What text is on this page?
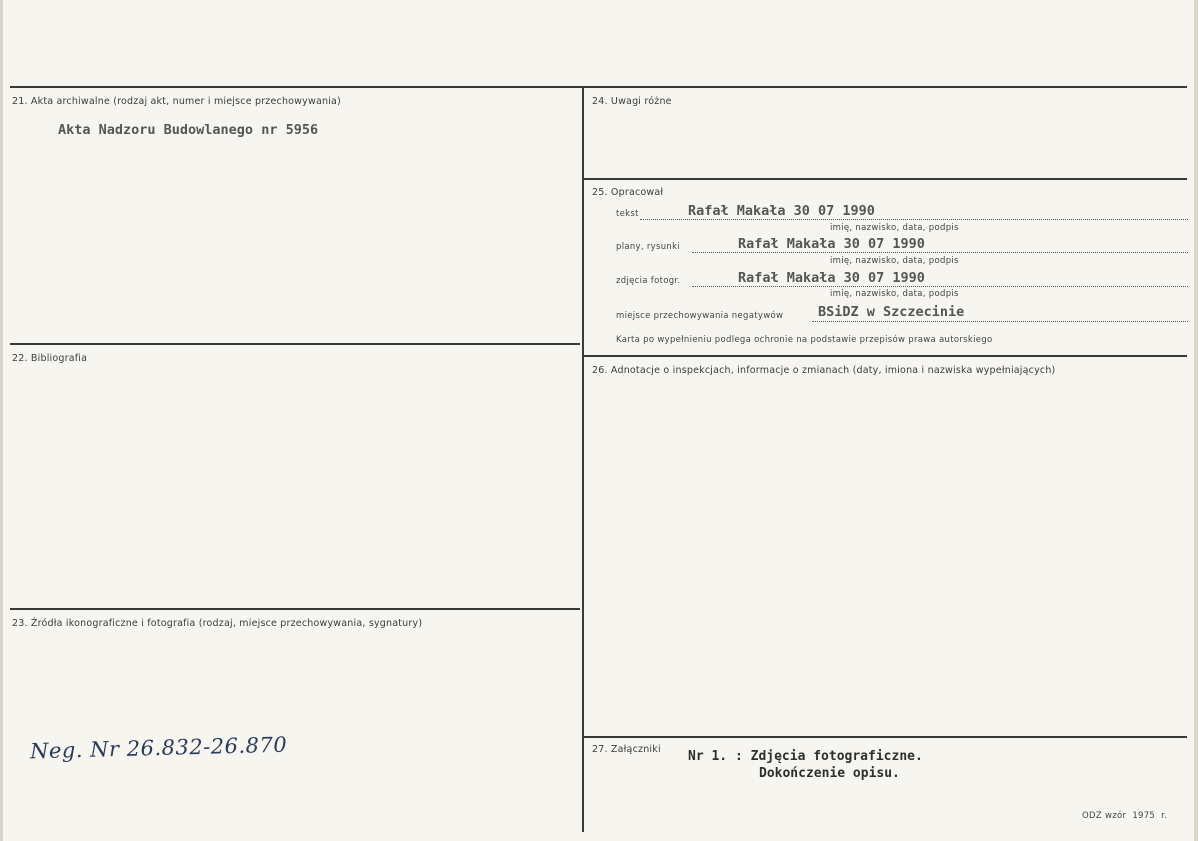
21. Akta archiwalne (rodzaj akt, numer i miejsce przechowywania)
Akta Nadzoru Budowlanego nr 5956
22. Bibliografia
23. Źródła ikonograficzne i fotografia (rodzaj, miejsce przechowywania, sygnatury)
Neg. Nr 26.832-26.870
24. Uwagi różne
25. Opracował
tekst	Rafał Makała 30 07 1990
imię, nazwisko, data, podpis
plany, rysunki	Rafał Makała 30 07 1990
imię, nazwisko, data, podpis
zdjęcia fotogr.	Rafał Makała 30 07 1990
imię, nazwisko, data, podpis
miejsce przechowywania negatywów	BSiDZ w Szczecinie
Karta po wypełnieniu podlega ochronie na podstawie przepisów prawa autorskiego
26. Adnotacje o inspekcjach, informacje o zmianach (daty, imiona i nazwiska wypełniających)
27. Załączniki Nr 1. : Zdjęcia fotograficzne.
Dokończenie opisu.
ODZ wzór 1975 r.
